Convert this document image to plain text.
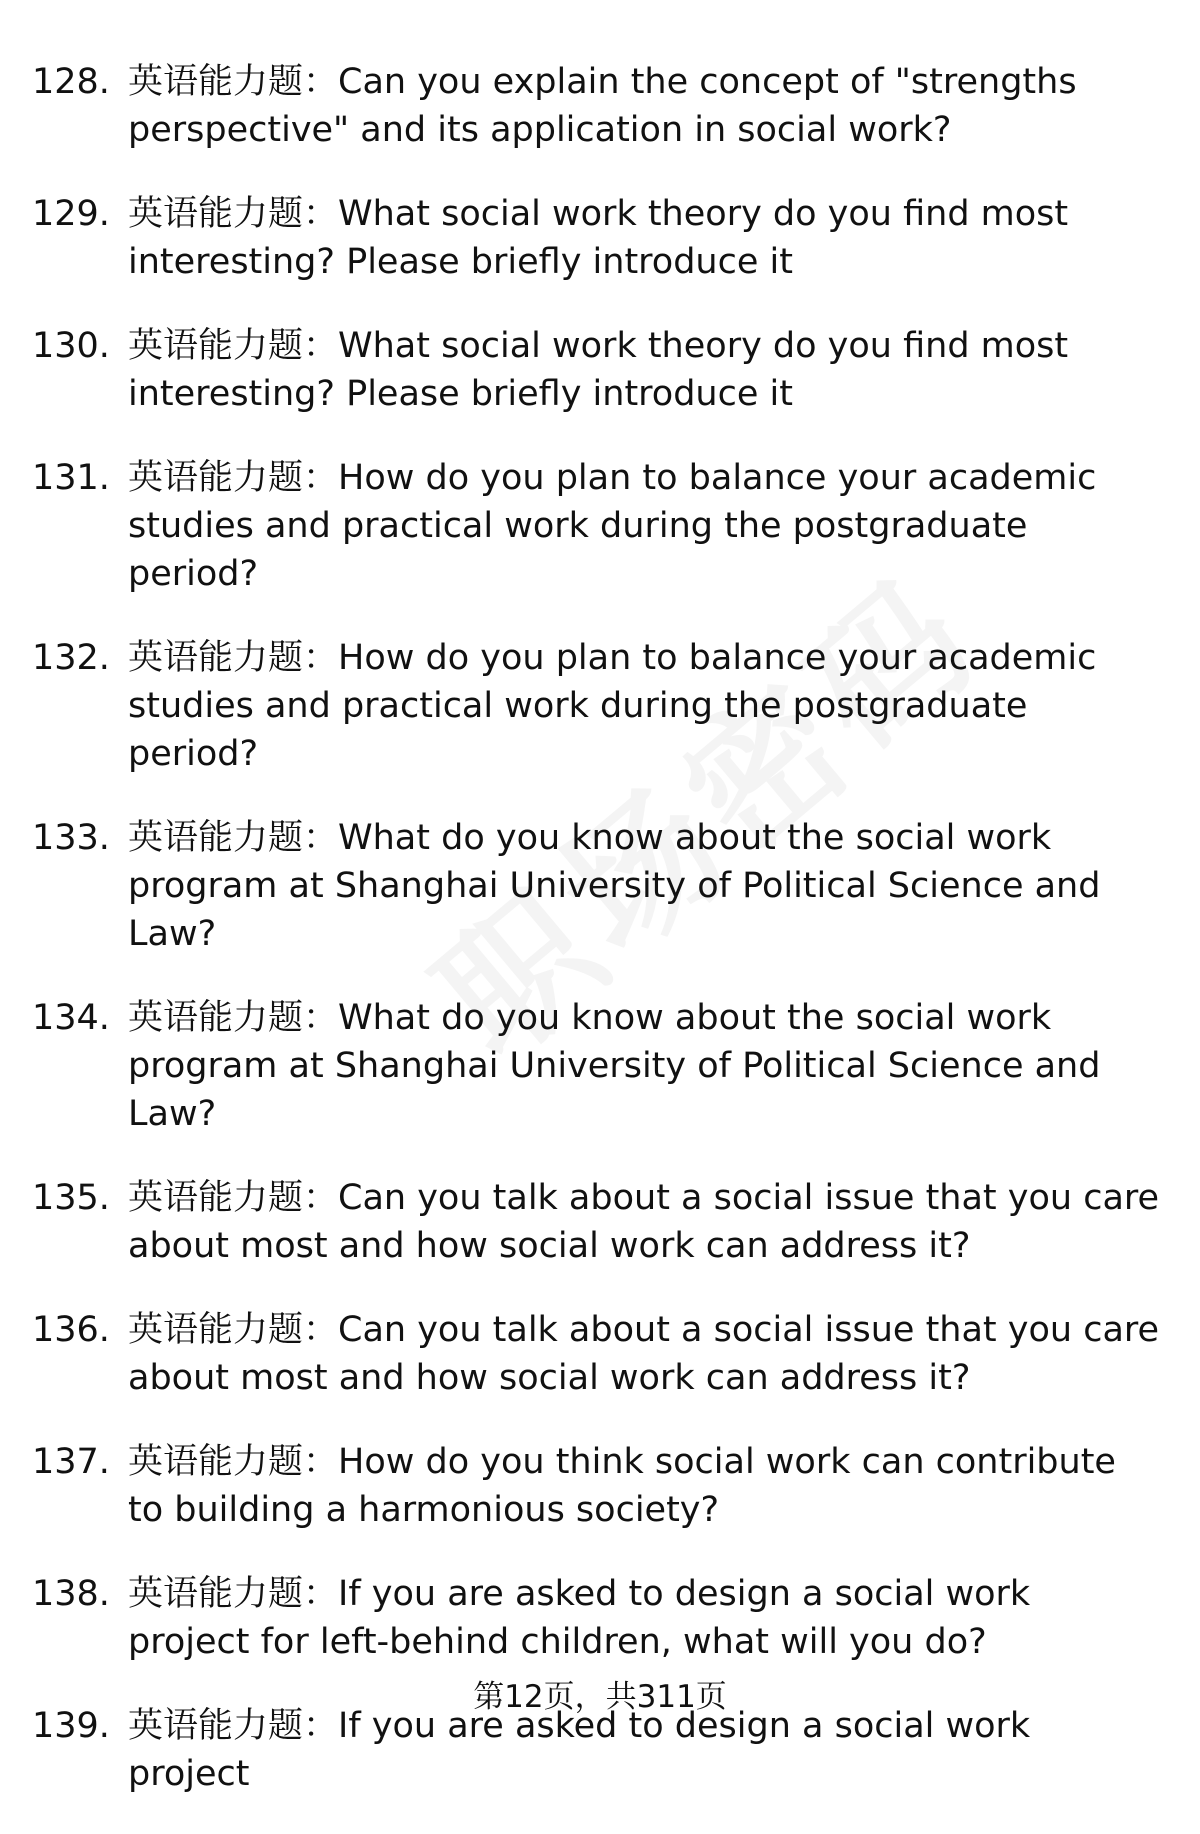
128. 英语能力题：Can you explain the concept of "strengths perspective" and its application in social work?
129. 英语能力题：What social work theory do you find most interesting? Please briefly introduce it
130. 英语能力题：What social work theory do you find most interesting? Please briefly introduce it
131. 英语能力题：How do you plan to balance your academic studies and practical work during the postgraduate period?
132. 英语能力题：How do you plan to balance your academic studies and practical work during the postgraduate period?
133. 英语能力题：What do you know about the social work program at Shanghai University of Political Science and Law?
134. 英语能力题：What do you know about the social work program at Shanghai University of Political Science and Law?
135. 英语能力题：Can you talk about a social issue that you care about most and how social work can address it?
136. 英语能力题：Can you talk about a social issue that you care about most and how social work can address it?
137. 英语能力题：How do you think social work can contribute to building a harmonious society?
138. 英语能力题：If you are asked to design a social work project for left-behind children, what will you do?
139. 英语能力题：If you are asked to design a social work project
第12页，共311页
